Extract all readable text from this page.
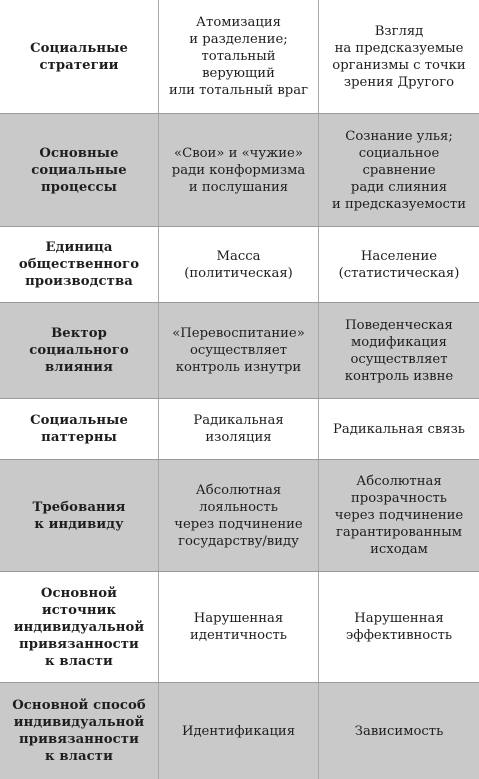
Социальные
стратегии
Атомизация
и разделение;
тотальный
верующий
или тотальный враг
Взгляд
на предсказуемые
организмы с точки
зрения Другого
Основные
социальные
процессы
«Свои» и «чужие»
ради конформизма
и послушания
Сознание улья;
социальное
сравнение
ради слияния
и предсказуемости
Единица
общественного
производства
Масса
(политическая)
Население
(статистическая)
Вектор
социального
влияния
«Перевоспитание»
осуществляет
контроль изнутри
Поведенческая
модификация
осуществляет
контроль извне
Социальные
паттерны
Радикальная
изоляция
Радикальная связь
Требования
к индивиду
Абсолютная
лояльность
через подчинение
государству/виду
Абсолютная
прозрачность
через подчинение
гарантированным
исходам
Основной
источник
индивидуальной
привязанности
к власти
Нарушенная
идентичность
Нарушенная
эффективность
Основной способ
индивидуальной
привязанности
к власти
Идентификация	Зависимость
